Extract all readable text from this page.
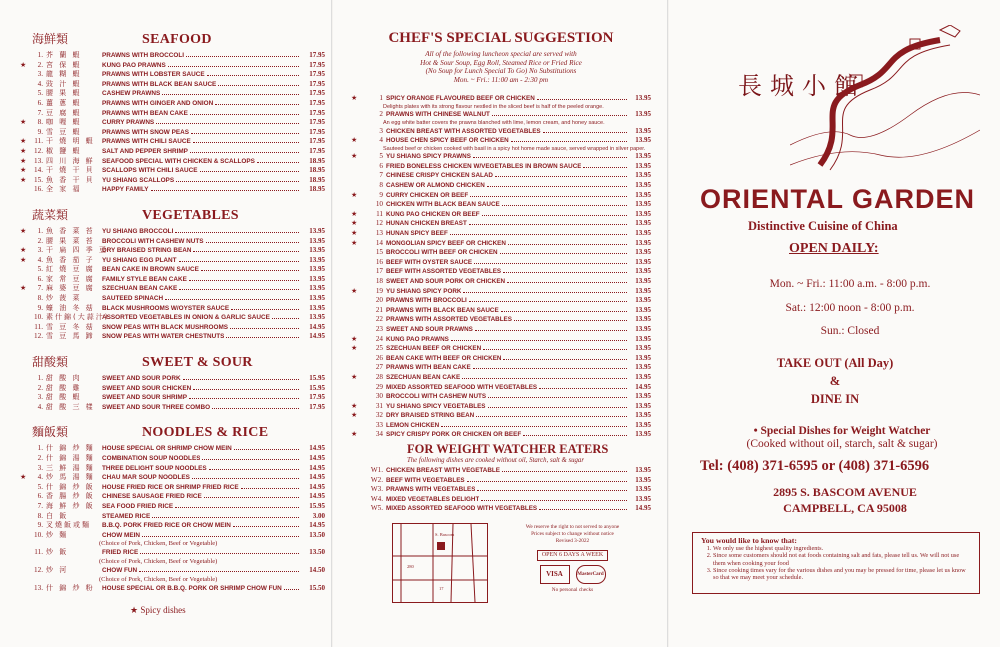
海鮮類	SEAFOOD
1. 芥 蘭 蝦	PRAWNS WITH BROCCOLI	17.95
★	2. 宮 保 蝦	KUNG PAO PRAWNS	17.95
3. 龍 糊 蝦	PRAWNS WITH LOBSTER SAUCE	17.95
4. 豉 汁 蝦	PRAWNS WITH BLACK BEAN SAUCE	17.95
5. 腰 果 蝦	CASHEW PRAWNS	17.95
6. 薑 蔥 蝦	PRAWNS WITH GINGER AND ONION	17.95
7. 豆 腐 蝦	PRAWNS WITH BEAN CAKE	17.95
★	8. 咖 喱 蝦	CURRY PRAWNS	17.95
9. 雪 豆 蝦	PRAWNS WITH SNOW PEAS	17.95
★	11. 干 燒 明 蝦	PRAWNS WITH CHILI SAUCE	17.95
★	12. 椒 鹽 蝦	SALT AND PEPPER SHRIMP	17.95
★	13. 四 川 海 鮮	SEAFOOD SPECIAL WITH CHICKEN & SCALLOPS	18.95
★	14. 干 燒 干 貝	SCALLOPS WITH CHILI SAUCE	18.95
★	15. 魚 香 干 貝	YU SHIANG SCALLOPS	18.95
16. 全 家 福	HAPPY FAMILY	18.95
蔬菜類	VEGETABLES
★	1. 魚 香 菜 苔	YU SHIANG BROCCOLI	13.95
2. 腰 果 菜 苔	BROCCOLI WITH CASHEW NUTS	13.95
★	3. 干 扁 四 季 豆
DRY BRAISED STRING BEAN	13.95
★	4. 魚 香 茄 子	YU SHIANG EGG PLANT	13.95
5. 紅 燒 豆 腐	BEAN CAKE IN BROWN SAUCE	13.95
6. 家 常 豆 腐	FAMILY STYLE BEAN CAKE	13.95
★	7. 麻 婆 豆 腐	SZECHUAN BEAN CAKE	13.95
8. 炒 菠 菜	SAUTEED SPINACH	13.95
9. 蠔 油 冬 菇	BLACK MUSHROOMS W/OYSTER SAUCE	13.95
10. 素什錦(大蒜汁)
ASSORTED VEGETABLES IN ONION & GARLIC SAUCE	13.95
11. 雪 豆 冬 菇	SNOW PEAS WITH BLACK MUSHROOMS	14.95
12. 雪 豆 馬 蹄	SNOW PEAS WITH WATER CHESTNUTS	14.95
甜酸類	SWEET & SOUR
1. 甜 酸 肉	SWEET AND SOUR PORK	15.95
2. 甜 酸 雞	SWEET AND SOUR CHICKEN	15.95
3. 甜 酸 蝦	SWEET AND SOUR SHRIMP	17.95
4. 甜 酸 三 樣	SWEET AND SOUR THREE COMBO	17.95
麵飯類	NOODLES & RICE
1. 什 錦 炒 麵	HOUSE SPECIAL OR SHRIMP CHOW MEIN	14.95
2. 什 錦 湯 麵	COMBINATION SOUP NOODLES	14.95
3. 三 鮮 湯 麵	THREE DELIGHT SOUP NOODLES	14.95
★	4. 炒 馬 湯 麵	CHAU MAR SOUP NOODLES	14.95
5. 什 錦 炒 飯	HOUSE FRIED RICE OR SHRIMP FRIED RICE	14.95
6. 香 腸 炒 飯	CHINESE SAUSAGE FRIED RICE	14.95
7. 海 鮮 炒 飯	SEA FOOD FRIED RICE	15.95
8. 白 飯	STEAMED RICE	3.00
9. 叉燒飯或麵	B.B.Q. PORK FRIED RICE OR CHOW MEIN	14.95
10. 炒 麵	CHOW MEIN	13.50
(Choice of Pork, Chicken, Beef or Vegetable)
11. 炒 飯	FRIED RICE	13.50
(Choice of Pork, Chicken, Beef or Vegetable)
12. 炒 河	CHOW FUN	14.50
(Choice of Pork, Chicken, Beef or Vegetable)
13. 什 錦 炒 粉	HOUSE SPECIAL OR B.B.Q. PORK OR SHRIMP CHOW FUN	15.50
★ Spicy dishes
CHEF'S SPECIAL SUGGESTION
All of the following luncheon special are served with
Hot & Sour Soup, Egg Roll, Steamed Rice or Fried Rice
(No Soup for Lunch Special To Go) No Substitutions
Mon. ~ Fri.: 11:00 am - 2:30 pm
★	1 SPICY ORANGE FLAVOURED BEEF OR CHICKEN	13.95
Delights plates with its strong flavour nestled in the sliced beef is half of the peeled orange.
2 PRAWNS WITH CHINESE WALNUT	13.95
An egg white batter covers the prawns blanched with lime, lemon cream, and honey sauce.
3 CHICKEN BREAST WITH ASSORTED VEGETABLES	13.95
★	4 HOUSE CHEN SPICY BEEF OR CHICKEN	13.95
Sauteed beef or chicken cooked with basil in a spicy hot home made sauce, served wrapped in silver paper.
★	5 YU SHIANG SPICY PRAWNS	13.95
6 FRIED BONELESS CHICKEN W/VEGETABLES IN BROWN SAUCE	13.95
7 CHINESE CRISPY CHICKEN SALAD	13.95
8 CASHEW OR ALMOND CHICKEN	13.95
★	9 CURRY CHICKEN OR BEEF	13.95
10 CHICKEN WITH BLACK BEAN SAUCE	13.95
★	11 KUNG PAO CHICKEN OR BEEF	13.95
★	12 HUNAN CHICKEN BREAST	13.95
★	13 HUNAN SPICY BEEF	13.95
★	14 MONGOLIAN SPICY BEEF OR CHICKEN	13.95
15 BROCCOLI WITH BEEF OR CHICKEN	13.95
16 BEEF WITH OYSTER SAUCE	13.95
17 BEEF WITH ASSORTED VEGETABLES	13.95
18 SWEET AND SOUR PORK OR CHICKEN	13.95
★	19 YU SHIANG SPICY PORK	13.95
20 PRAWNS WITH BROCCOLI	13.95
21 PRAWNS WITH BLACK BEAN SAUCE	13.95
22 PRAWNS WITH ASSORTED VEGETABLES	13.95
23 SWEET AND SOUR PRAWNS	13.95
★	24 KUNG PAO PRAWNS	13.95
★	25 SZECHUAN BEEF OR CHICKEN	13.95
26 BEAN CAKE WITH BEEF OR CHICKEN	13.95
27 PRAWNS WITH BEAN CAKE	13.95
★	28 SZECHUAN BEAN CAKE	13.95
29 MIXED ASSORTED SEAFOOD WITH VEGETABLES	14.95
30 BROCCOLI WITH CASHEW NUTS	13.95
★	31 YU SHIANG SPICY VEGETABLES	13.95
★	32 DRY BRAISED STRING BEAN	13.95
33 LEMON CHICKEN	13.95
★	34 SPICY CRISPY PORK OR CHICKEN OR BEEF	13.95
FOR WEIGHT WATCHER EATERS
The following dishes are cooked without oil, Starch, salt & sugar
W1. CHICKEN BREAST WITH VEGETABLE	13.95
W2. BEEF WITH VEGETABLES	13.95
W3. PRAWNS WITH VEGETABLES	13.95
W4. MIXED VEGETABLES DELIGHT	13.95
W5. MIXED ASSORTED SEAFOOD WITH VEGETABLES	14.95
S. Bascom
280
17
We reserve the right to not served to anyone
Prices subject to change without notice
Revised 3-2022
OPEN 6 DAYS A WEEK
VISA	MasterCard
No personal checks
長城小館
ORIENTAL GARDEN
Distinctive Cuisine of China
OPEN DAILY:
Mon. ~ Fri.: 11:00 a.m. - 8:00 p.m.
Sat.: 12:00 noon - 8:00 p.m.
Sun.: Closed
TAKE OUT (All Day)
&
DINE IN
• Special Dishes for Weight Watcher
(Cooked without oil, starch, salt & sugar)
Tel: (408) 371-6595 or (408) 371-6596
2895 S. BASCOM AVENUE
CAMPBELL, CA 95008
You would like to know that:
1. We only use the highest quality ingredients.
2. Since some customers should not eat foods containing salt and fats, please tell us. We will not use them when cooking your food
3. Since cooking times vary for the various dishes and you may be pressed for time, please let us know so that we may meet your schedule.
